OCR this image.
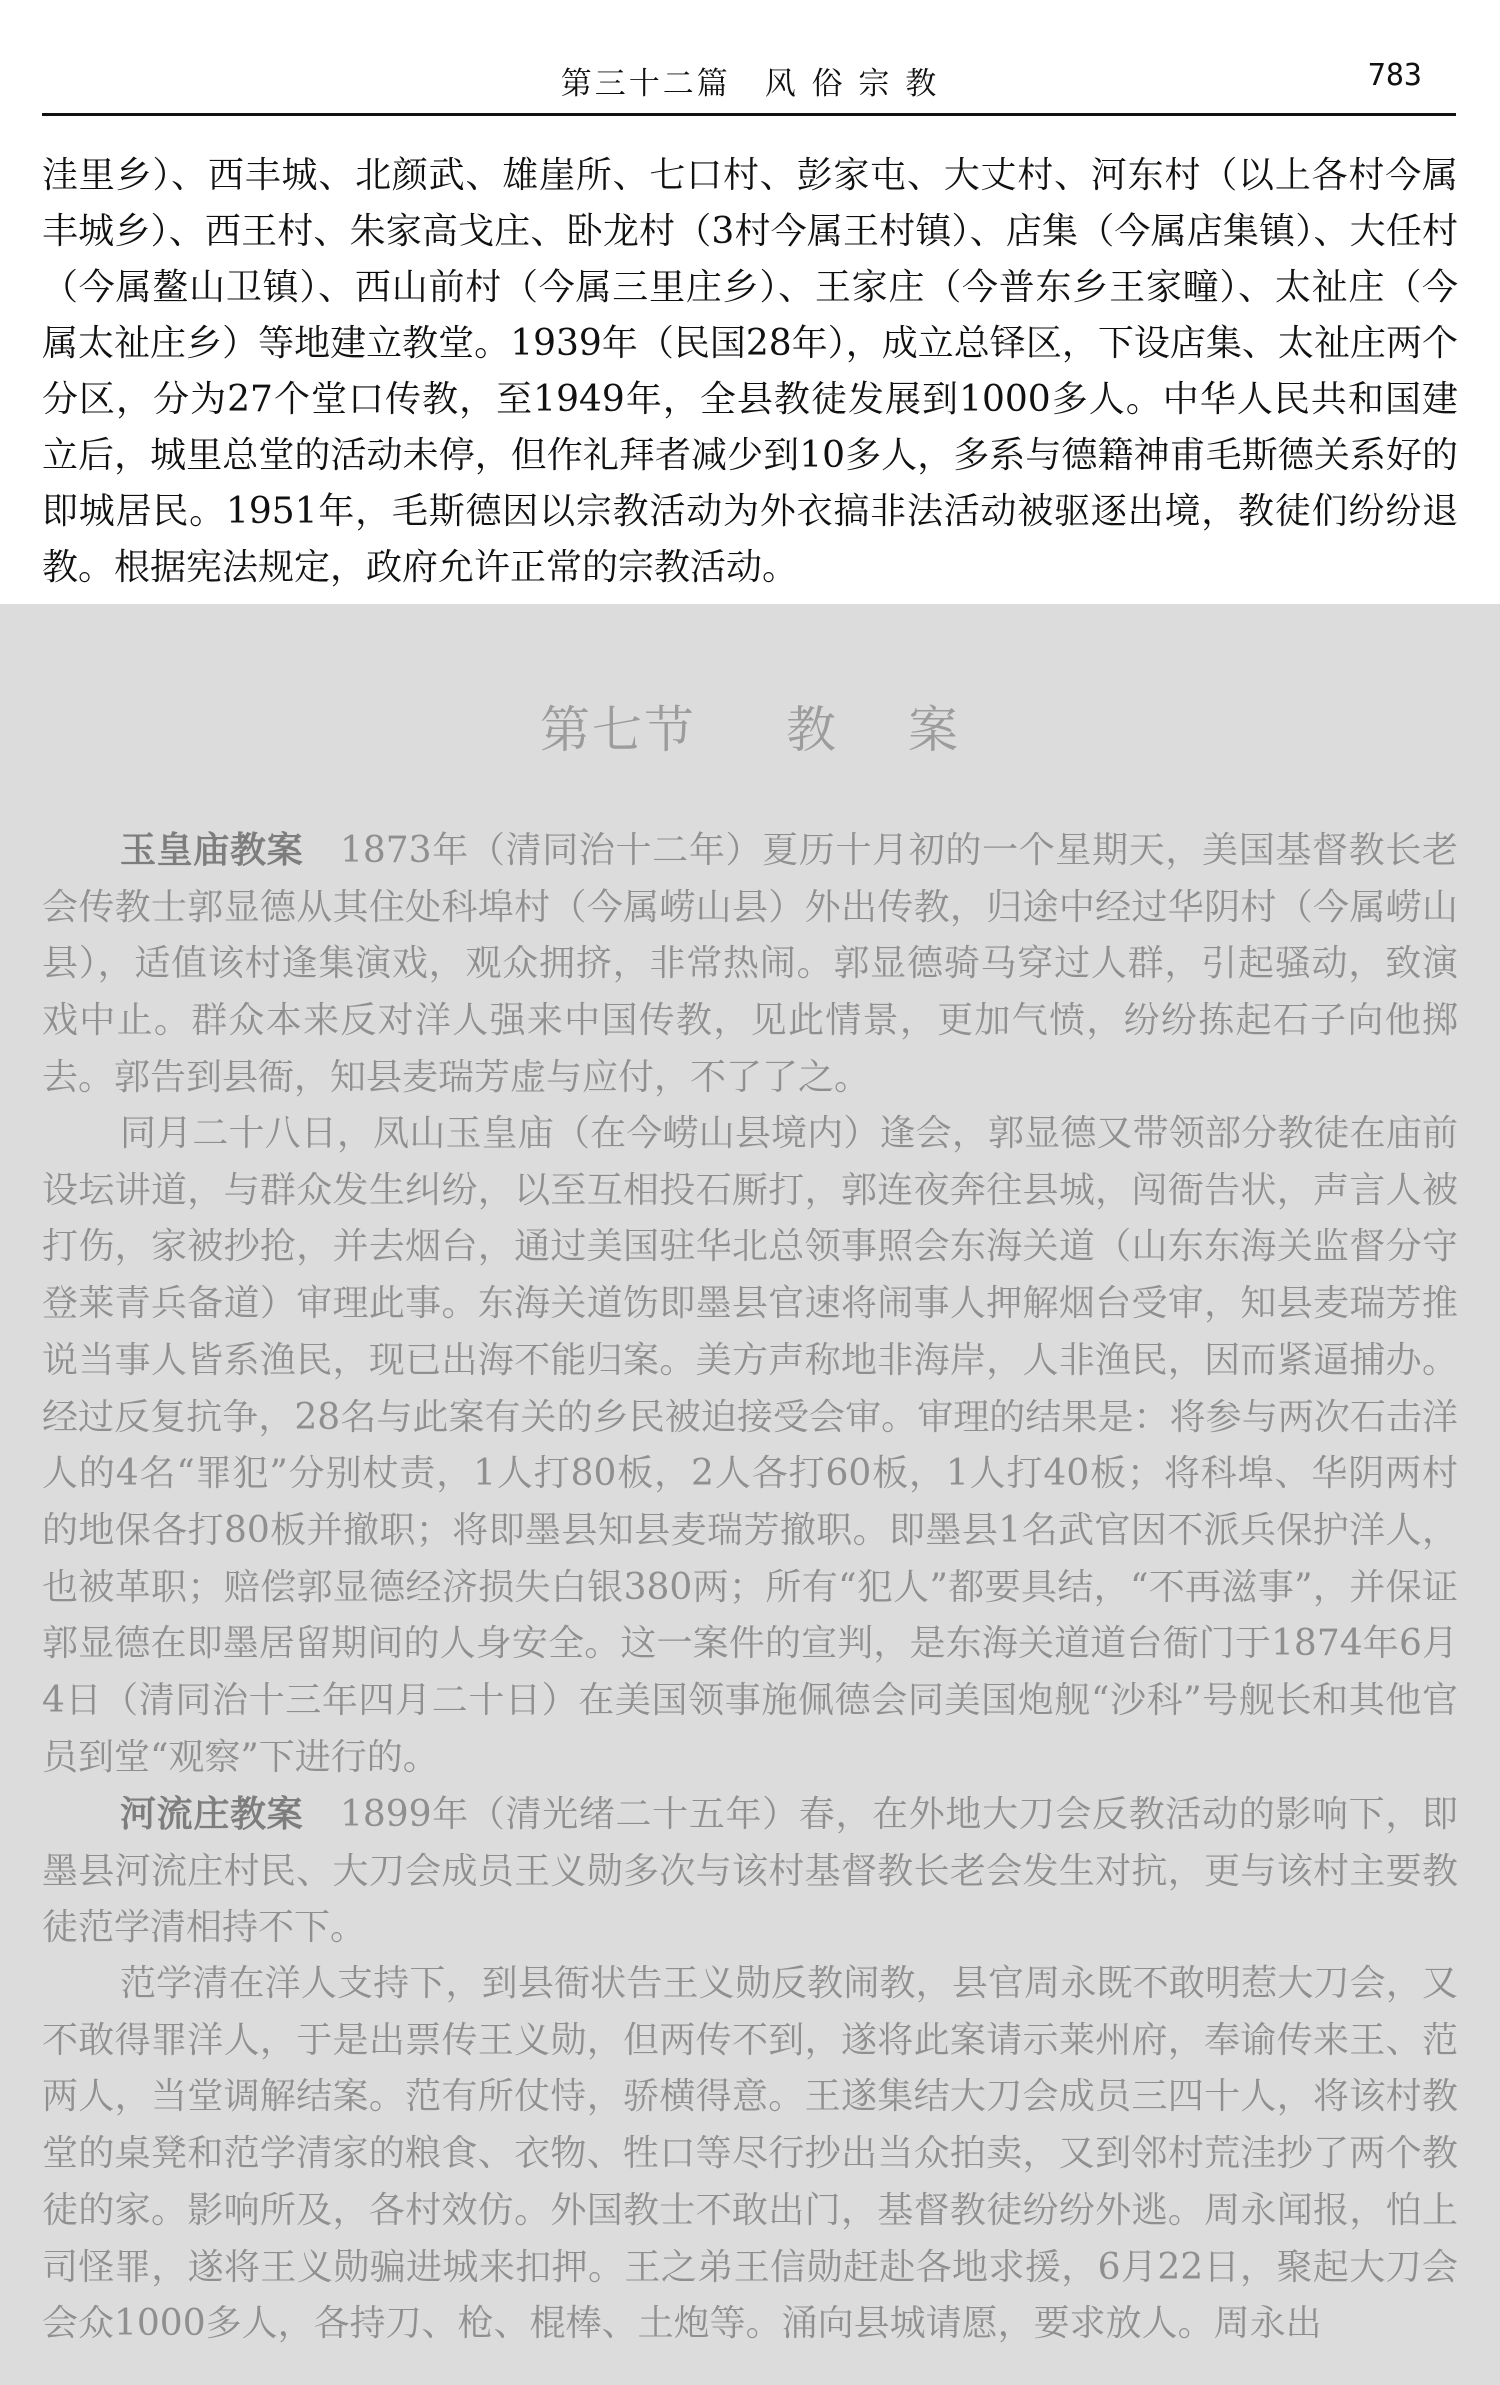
第三十二篇　风 俗 宗 教	783

洼里乡）、西丰城、北颜武、雄崖所、七口村、彭家屯、大丈村、河东村（以上各村今属丰城乡）、西王村、朱家高戈庄、卧龙村（3村今属王村镇）、店集（今属店集镇）、大任村（今属鳌山卫镇）、西山前村（今属三里庄乡）、王家庄（今普东乡王家疃）、太祉庄（今属太祉庄乡）等地建立教堂。1939年（民国28年），成立总铎区，下设店集、太祉庄两个分区，分为27个堂口传教，至1949年，全县教徒发展到1000多人。中华人民共和国建立后，城里总堂的活动未停，但作礼拜者减少到10多人，多系与德籍神甫毛斯德关系好的即城居民。1951年，毛斯德因以宗教活动为外衣搞非法活动被驱逐出境，教徒们纷纷退教。根据宪法规定，政府允许正常的宗教活动。

第七节 教 案

玉皇庙教案　1873年（清同治十二年）夏历十月初的一个星期天，美国基督教长老会传教士郭显德从其住处科埠村（今属崂山县）外出传教，归途中经过华阴村（今属崂山县），适值该村逢集演戏，观众拥挤，非常热闹。郭显德骑马穿过人群，引起骚动，致演戏中止。群众本来反对洋人强来中国传教，见此情景，更加气愤，纷纷拣起石子向他掷去。郭告到县衙，知县麦瑞芳虚与应付，不了了之。

同月二十八日，凤山玉皇庙（在今崂山县境内）逢会，郭显德又带领部分教徒在庙前设坛讲道，与群众发生纠纷，以至互相投石厮打，郭连夜奔往县城，闯衙告状，声言人被打伤，家被抄抢，并去烟台，通过美国驻华北总领事照会东海关道（山东东海关监督分守登莱青兵备道）审理此事。东海关道饬即墨县官速将闹事人押解烟台受审，知县麦瑞芳推说当事人皆系渔民，现已出海不能归案。美方声称地非海岸，人非渔民，因而紧逼捕办。经过反复抗争，28名与此案有关的乡民被迫接受会审。审理的结果是：将参与两次石击洋人的4名“罪犯”分别杖责，1人打80板，2人各打60板，1人打40板；将科埠、华阴两村的地保各打80板并撤职；将即墨县知县麦瑞芳撤职。即墨县1名武官因不派兵保护洋人，也被革职；赔偿郭显德经济损失白银380两；所有“犯人”都要具结，“不再滋事”，并保证郭显德在即墨居留期间的人身安全。这一案件的宣判，是东海关道道台衙门于1874年6月4日（清同治十三年四月二十日）在美国领事施佩德会同美国炮舰“沙科”号舰长和其他官员到堂“观察”下进行的。

河流庄教案　1899年（清光绪二十五年）春，在外地大刀会反教活动的影响下，即墨县河流庄村民、大刀会成员王义勋多次与该村基督教长老会发生对抗，更与该村主要教徒范学清相持不下。

范学清在洋人支持下，到县衙状告王义勋反教闹教，县官周永既不敢明惹大刀会，又不敢得罪洋人，于是出票传王义勋，但两传不到，遂将此案请示莱州府，奉谕传来王、范两人，当堂调解结案。范有所仗恃，骄横得意。王遂集结大刀会成员三四十人，将该村教堂的桌凳和范学清家的粮食、衣物、牲口等尽行抄出当众拍卖，又到邻村荒洼抄了两个教徒的家。影响所及，各村效仿。外国教士不敢出门，基督教徒纷纷外逃。周永闻报，怕上司怪罪，遂将王义勋骗进城来扣押。王之弟王信勋赶赴各地求援，6月22日，聚起大刀会会众1000多人，各持刀、枪、棍棒、土炮等。涌向县城请愿，要求放人。周永出
